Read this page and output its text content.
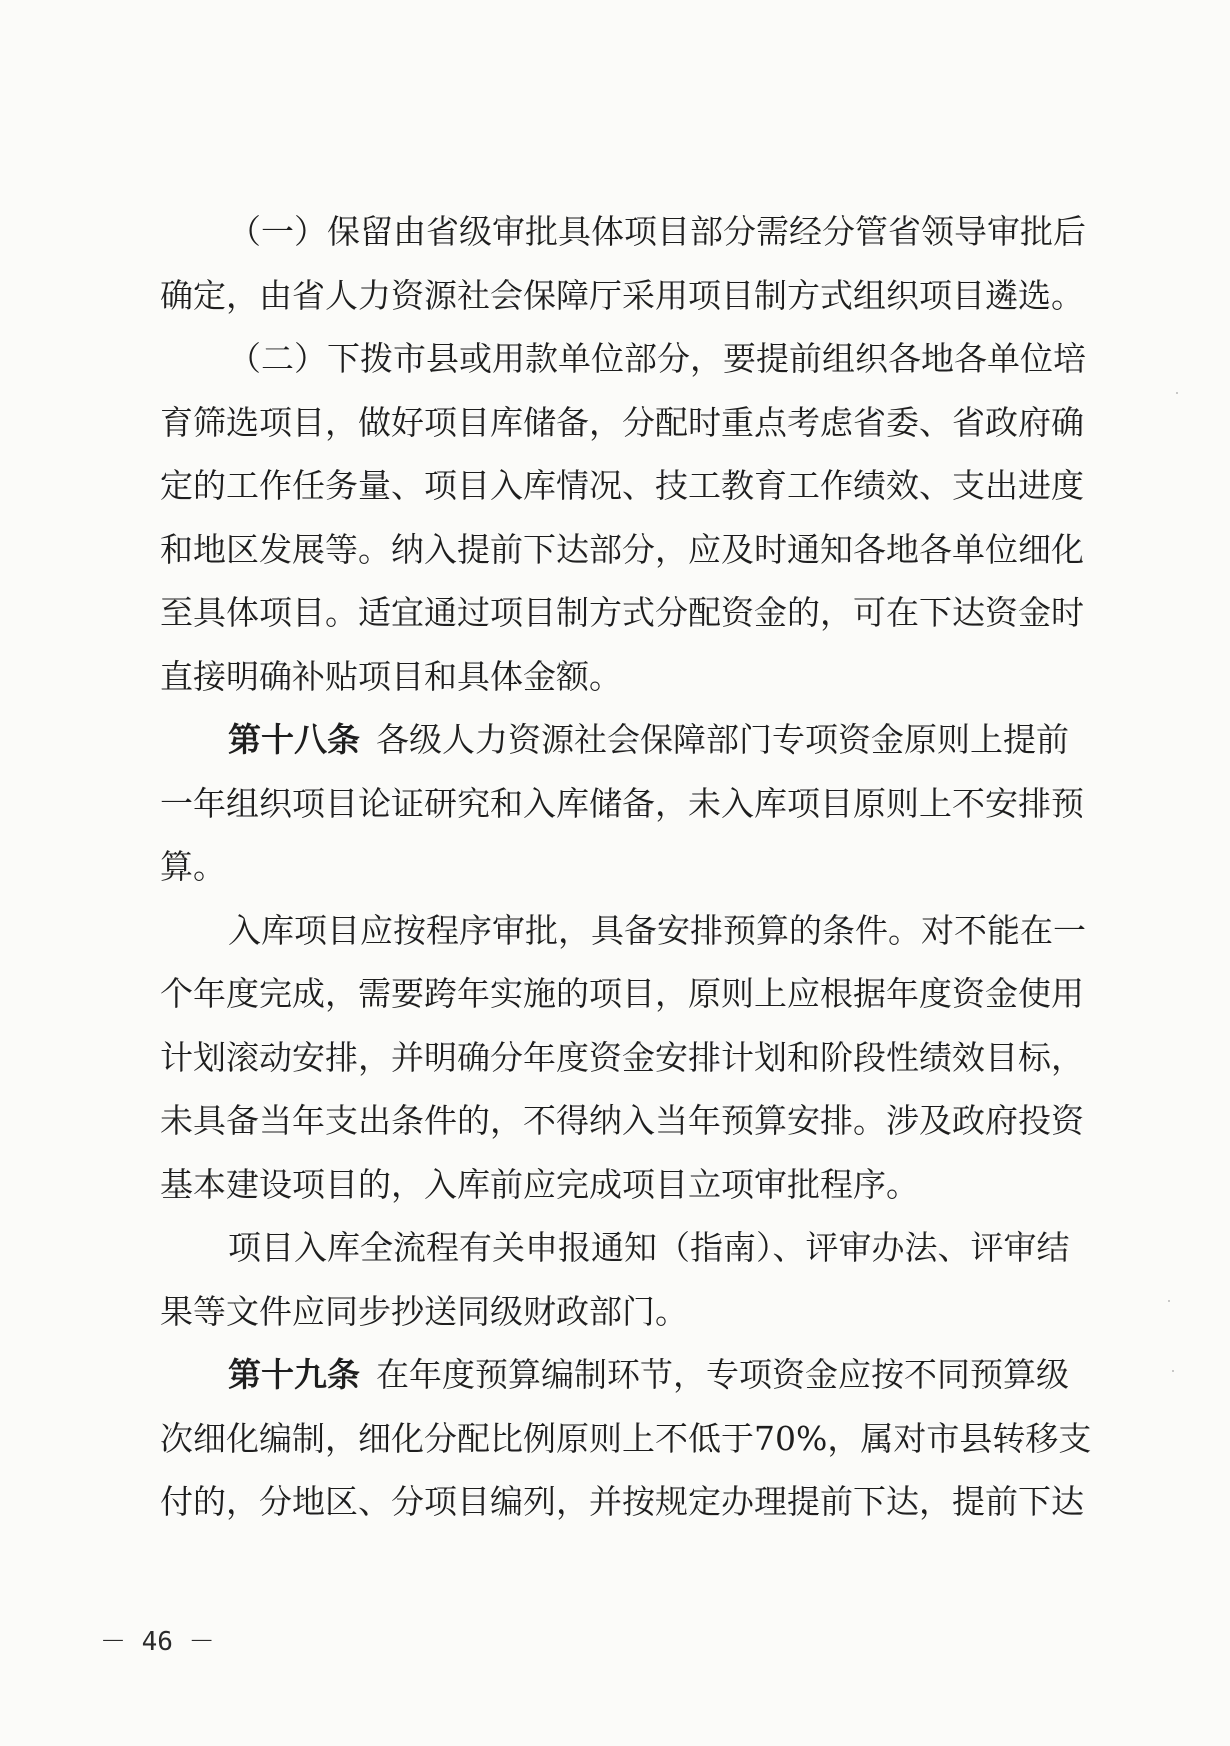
（一）保留由省级审批具体项目部分需经分管省领导审批后
确定，由省人力资源社会保障厅采用项目制方式组织项目遴选。
（二）下拨市县或用款单位部分，要提前组织各地各单位培
育筛选项目，做好项目库储备，分配时重点考虑省委、省政府确
定的工作任务量、项目入库情况、技工教育工作绩效、支出进度
和地区发展等。纳入提前下达部分，应及时通知各地各单位细化
至具体项目。适宜通过项目制方式分配资金的，可在下达资金时
直接明确补贴项目和具体金额。
第十八条 各级人力资源社会保障部门专项资金原则上提前
一年组织项目论证研究和入库储备，未入库项目原则上不安排预
算。
入库项目应按程序审批，具备安排预算的条件。对不能在一
个年度完成，需要跨年实施的项目，原则上应根据年度资金使用
计划滚动安排，并明确分年度资金安排计划和阶段性绩效目标，
未具备当年支出条件的，不得纳入当年预算安排。涉及政府投资
基本建设项目的，入库前应完成项目立项审批程序。
项目入库全流程有关申报通知（指南）、评审办法、评审结
果等文件应同步抄送同级财政部门。
第十九条 在年度预算编制环节，专项资金应按不同预算级
次细化编制，细化分配比例原则上不低于70%，属对市县转移支
付的，分地区、分项目编列，并按规定办理提前下达，提前下达
－ 46 －
